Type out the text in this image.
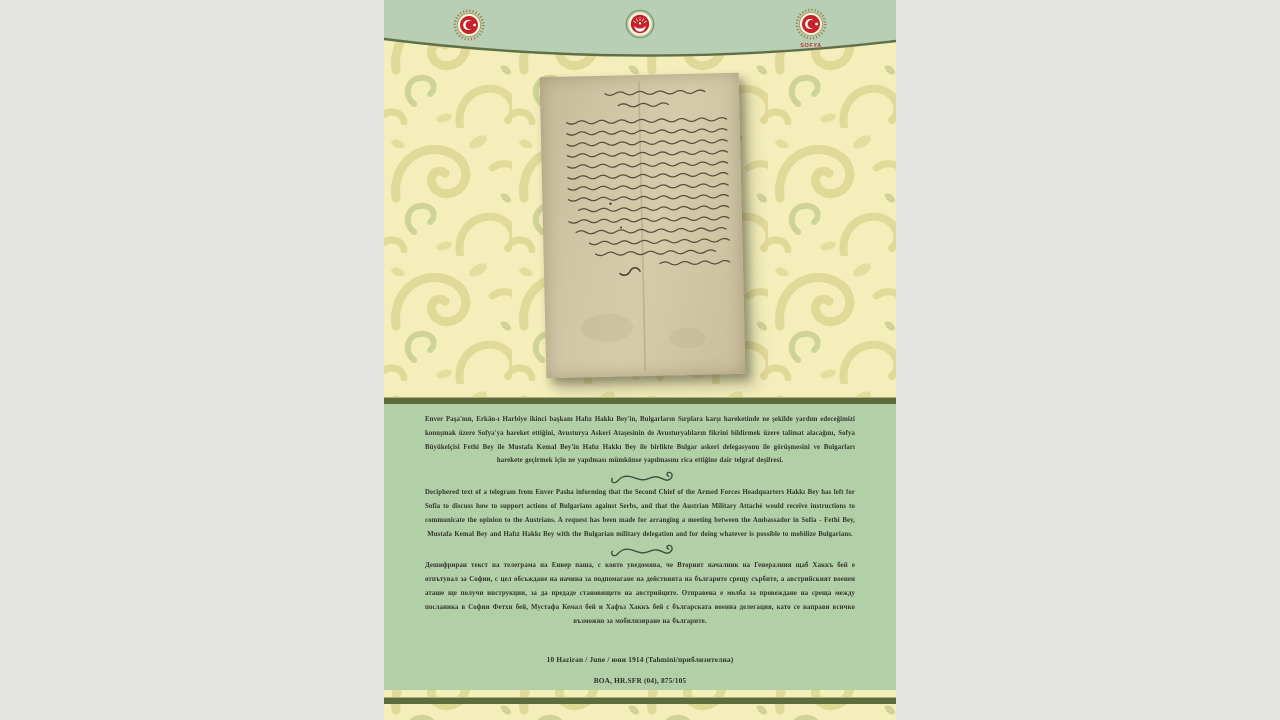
SOFYA

Enver Paşa'nın, Erkân-ı Harbiye ikinci başkanı Hafız Hakkı Bey'in, Bulgarların Sırplara karşı hareketinde ne şekilde yardım edeceğimizi konuşmak üzere Sofya'ya hareket ettiğini, Avusturya Askeri Ataşesinin de Avusturyalıların fikrini bildirmek üzere talimat alacağını, Sofya Büyükelçisi Fethi Bey ile Mustafa Kemal Bey'in Hafız Hakkı Bey ile birlikte Bulgar askeri delegasyonu ile görüşmesini ve Bulgarları harekete geçirmek için ne yapılması mümkünse yapılmasını rica ettiğine dair telgraf deşifresi.

Deciphered text of a telegram from Enver Pasha informing that the Second Chief of the Armed Forces Headquarters Hakkı Bey has left for Sofia to discuss how to support actions of Bulgarians against Serbs, and that the Austrian Military Attaché would receive instructions to communicate the opinion to the Austrians. A request has been made for arranging a meeting between the Ambassador in Sofia - Fethi Bey, Mustafa Kemal Bey and Hafız Hakkı Bey with the Bulgarian military delegation and for doing whatever is possible to mobilize Bulgarians.

Дешифриран текст на телеграма на Енвер паша, с която уведомява, че Вторият началник на Генералния щаб Хаккъ бей е отпътувал за Софии, с цел обсъждане на начина за подпомагане на действията на българите срещу сърбите, а австрийският военен аташе ще получи инструкции, за да предаде становището на австрийците. Отправена е молба за провеждане на среща между посланика в Софии Фетхи бей, Мустафа Кемал бей и Хафъз Хаккъ бей с българската военна делегация, като се направи всичко възможно за мобилизиране на българите.

10 Haziran / June / юни 1914 (Tahmini/приблизителна)
BOA, HR.SFR (04), 875/105
